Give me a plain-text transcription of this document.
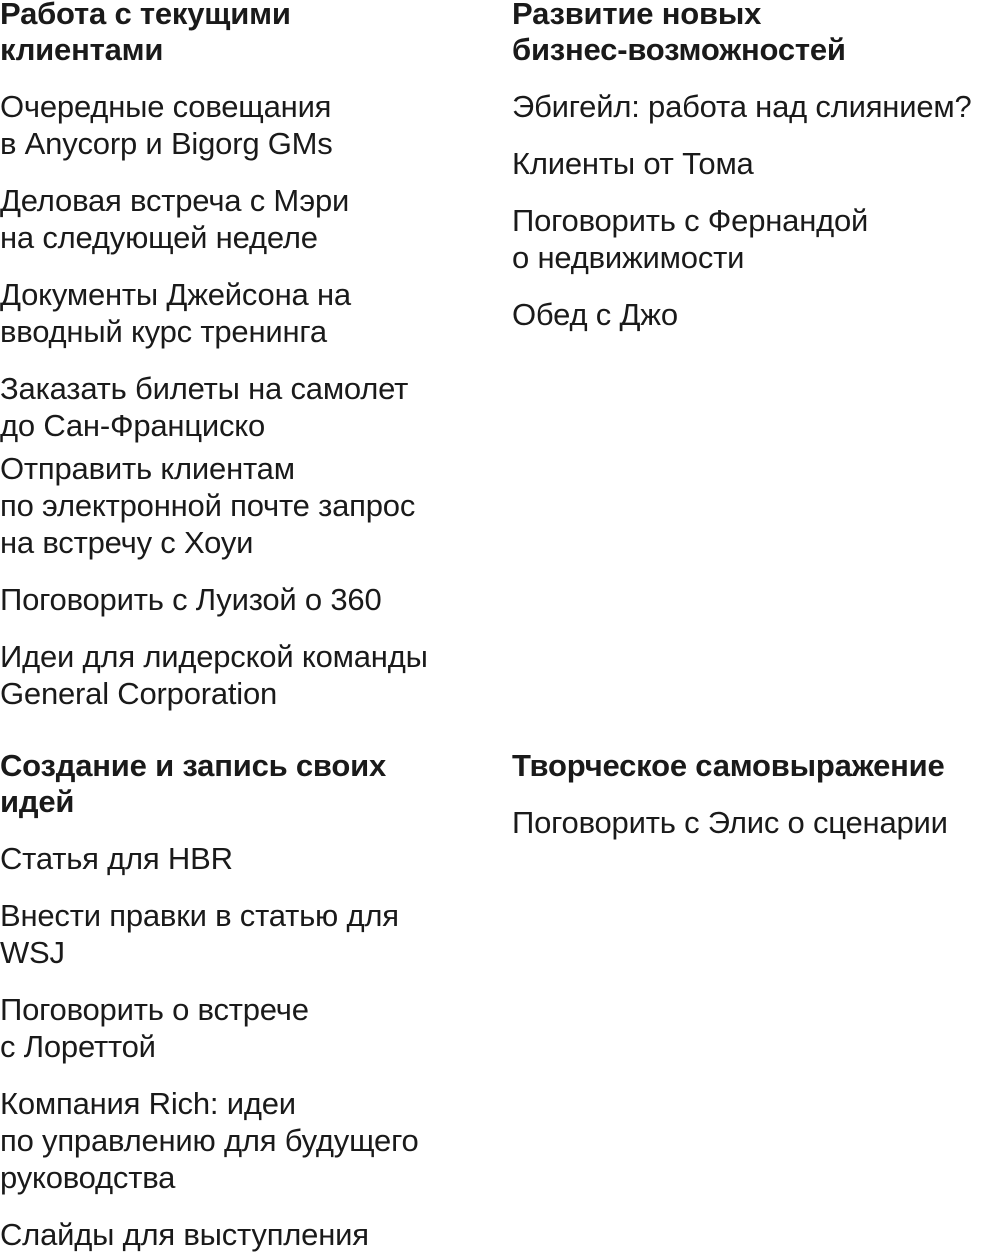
Работа с текущими
клиентами
Очередные совещания
в Anycorp и Bigorg GMs
Деловая встреча с Мэри
на следующей неделе
Документы Джейсона на
вводный курс тренинга
Заказать билеты на самолет
до Сан-Франциско
Отправить клиентам
по электронной почте запрос
на встречу с Хоуи
Поговорить с Луизой о 360
Идеи для лидерской команды
General Corporation
Развитие новых
бизнес-возможностей
Эбигейл: работа над слиянием?
Клиенты от Тома
Поговорить с Фернандой
о недвижимости
Обед с Джо
Создание и запись своих
идей
Статья для HBR
Внести правки в статью для
WSJ
Поговорить о встрече
с Лореттой
Компания Rich: идеи
по управлению для будущего
руководства
Слайды для выступления
Творческое самовыражение
Поговорить с Элис о сценарии
